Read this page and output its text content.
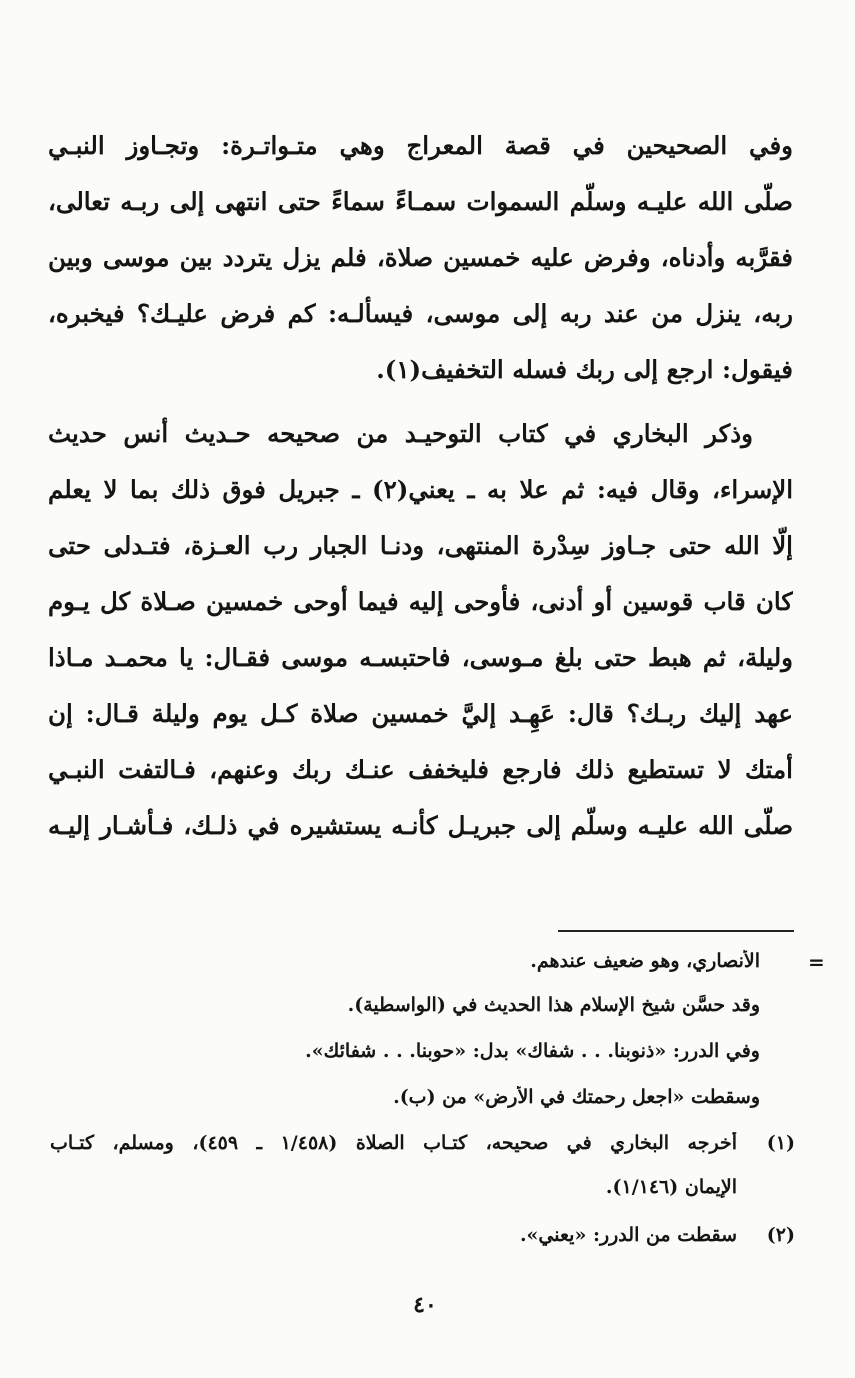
وفي الصحيحين في قصة المعراج وهي متـواتـرة: وتجـاوز النبـي
صلّى الله عليـه وسلّم السموات سمـاءً سماءً حتى انتهى إلى ربـه تعالى،
فقرَّبه وأدناه، وفرض عليه خمسين صلاة، فلم يزل يتردد بين موسى وبين
ربه، ينزل من عند ربه إلى موسى، فيسألـه: كم فرض عليـك؟ فيخبره،
فيقول: ارجع إلى ربك فسله التخفيف(١).
وذكر البخاري في كتاب التوحيـد من صحيحه حـديث أنس حديث
الإسراء، وقال فيه: ثم علا به ـ يعني(٢) ـ جبريل فوق ذلك بما لا يعلم
إلّا الله حتى جـاوز سِدْرة المنتهى، ودنـا الجبار رب العـزة، فتـدلى حتى
كان قاب قوسين أو أدنى، فأوحى إليه فيما أوحى خمسين صـلاة كل يـوم
وليلة، ثم هبط حتى بلغ مـوسى، فاحتبسـه موسى فقـال: يا محمـد مـاذا
عهد إليك ربـك؟ قال: عَهِـد إليَّ خمسين صلاة كـل يوم وليلة قـال: إن
أمتك لا تستطيع ذلك فارجع فليخفف عنـك ربك وعنهم، فـالتفت النبـي
صلّى الله عليـه وسلّم إلى جبريـل كأنـه يستشيره في ذلـك، فـأشـار إليـه
=
الأنصاري، وهو ضعيف عندهم.
وقد حسَّن شيخ الإسلام هذا الحديث في (الواسطية).
وفي الدرر: «ذنوبنا. . . شفاك» بدل: «حوبنا. . . شفائك».
وسقطت «اجعل رحمتك في الأرض» من (ب).
(١)
أخرجه البخاري في صحيحه، كتـاب الصلاة (١/٤٥٨ ـ ٤٥٩)، ومسلم، كتـاب
الإيمان (١/١٤٦).
(٢)
سقطت من الدرر: «يعني».
٤٠
